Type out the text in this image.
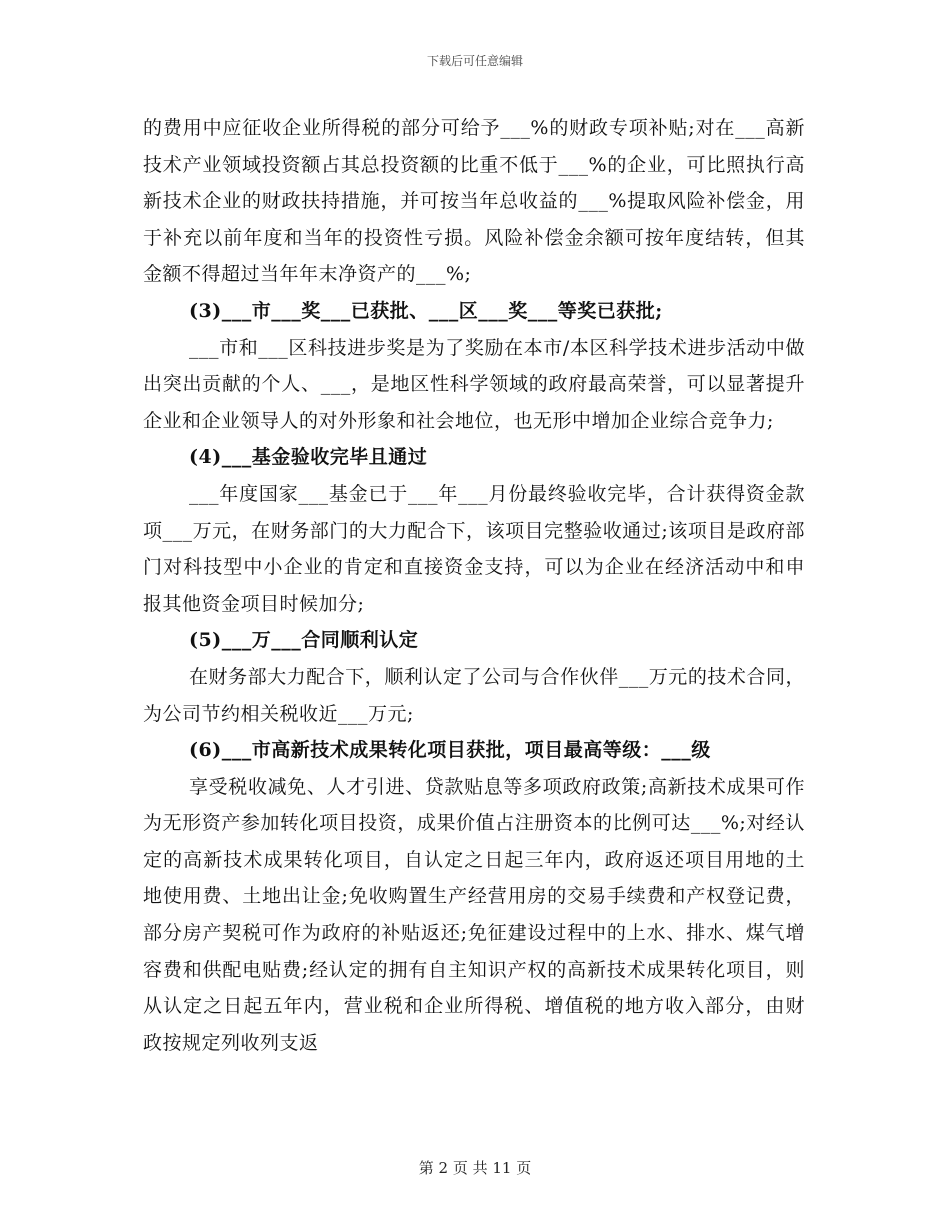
下载后可任意编辑

的费用中应征收企业所得税的部分可给予___%的财政专项补贴;对在___高新技术产业领域投资额占其总投资额的比重不低于___%的企业，可比照执行高新技术企业的财政扶持措施，并可按当年总收益的___%提取风险补偿金，用于补充以前年度和当年的投资性亏损。风险补偿金余额可按年度结转，但其金额不得超过当年年末净资产的___%;

(3)___市___奖___已获批、___区___奖___等奖已获批;

___市和___区科技进步奖是为了奖励在本市/本区科学技术进步活动中做出突出贡献的个人、___，是地区性科学领域的政府最高荣誉，可以显著提升企业和企业领导人的对外形象和社会地位，也无形中增加企业综合竞争力;

(4)___基金验收完毕且通过

___年度国家___基金已于___年___月份最终验收完毕，合计获得资金款项___万元，在财务部门的大力配合下，该项目完整验收通过;该项目是政府部门对科技型中小企业的肯定和直接资金支持，可以为企业在经济活动中和申报其他资金项目时候加分;

(5)___万___合同顺利认定

在财务部大力配合下，顺利认定了公司与合作伙伴___万元的技术合同，为公司节约相关税收近___万元;

(6)___市高新技术成果转化项目获批，项目最高等级：___级

享受税收减免、人才引进、贷款贴息等多项政府政策;高新技术成果可作为无形资产参加转化项目投资，成果价值占注册资本的比例可达___%;对经认定的高新技术成果转化项目，自认定之日起三年内，政府返还项目用地的土地使用费、土地出让金;免收购置生产经营用房的交易手续费和产权登记费，部分房产契税可作为政府的补贴返还;免征建设过程中的上水、排水、煤气增容费和供配电贴费;经认定的拥有自主知识产权的高新技术成果转化项目，则从认定之日起五年内，营业税和企业所得税、增值税的地方收入部分，由财政按规定列收列支返

第 2 页 共 11 页
